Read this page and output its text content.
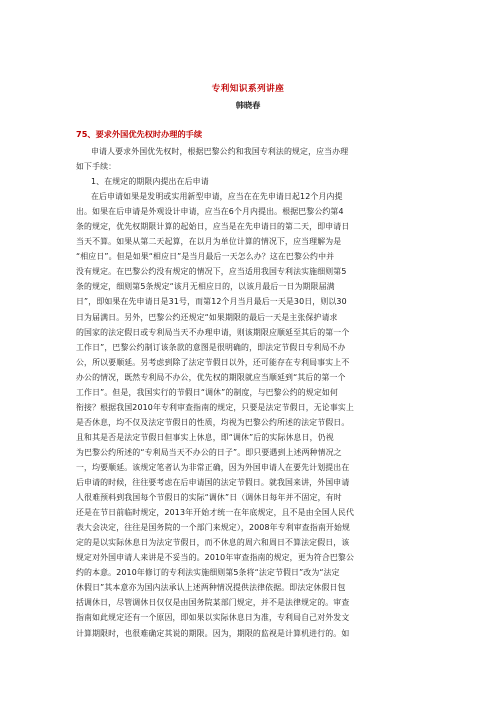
专利知识系列讲座
韩晓春
75、要求外国优先权时办理的手续
申请人要求外国优先权时，根据巴黎公约和我国专利法的规定，应当办理
如下手续：
1、在规定的期限内提出在后申请
在后申请如果是发明或实用新型申请，应当在在先申请日起12个月内提
出。如果在后申请是外观设计申请，应当在6个月内提出。根据巴黎公约第4
条的规定，优先权期限计算的起始日，应当是在先申请日的第二天，即申请日
当天不算。如果从第二天起算，在以月为单位计算的情况下，应当理解为是
“相应日”。但是如果“相应日”是当月最后一天怎么办？这在巴黎公约中并
没有规定。在巴黎公约没有规定的情况下，应当适用我国专利法实施细则第5
条的规定，细则第5条规定“该月无相应日的，以该月最后一日为期限届满
日”，即如果在先申请日是31号，而第12个月当月最后一天是30日，则以30
日为届满日。另外，巴黎公约还规定“如果期限的最后一天是主张保护请求
的国家的法定假日或专利局当天不办理申请，则该期限应顺延至其后的第一个
工作日”，巴黎公约制订该条款的意图是很明确的，即法定节假日专利局不办
公，所以要顺延。另考虑到除了法定节假日以外，还可能存在专利局事实上不
办公的情况，既然专利局不办公，优先权的期限就应当顺延到“其后的第一个
工作日”。但是，我国实行的节假日“调休”的制度，与巴黎公约的规定如何
衔接？根据我国2010年专利审查指南的规定，只要是法定节假日，无论事实上
是否休息，均不仅及法定节假日的性质，均视为巴黎公约所述的法定节假日。
且和其是否是法定节假日但事实上休息，即“调休”后的实际休息日，仍视
为巴黎公约所述的“专利局当天不办公的日子”。即只要遇到上述两种情况之
一，均要顺延。该规定笔者认为非常正确，因为外国申请人在要先计划提出在
后申请的时候，往往要考虑在后申请国的法定节假日。就我国来讲，外国申请
人很难预料到我国每个节假日的实际“调休”日（调休日每年并不固定，有时
还是在节日前临时规定，2013年开始才统一在年底规定，且不是由全国人民代
表大会决定，往往是国务院的一个部门来规定），2008年专利审查指南开始规
定的是以实际休息日为法定节假日，而不休息的周六和周日不算法定假日，该
规定对外国申请人来讲是不妥当的。2010年审查指南的规定，更为符合巴黎公
约的本意。2010年修订的专利法实施细则第5条将“法定节假日”改为“法定
休假日”其本意亦为国内法承认上述两种情况提供法律依据。即法定休假日包
括调休日，尽管调休日仅仅是由国务院某部门规定，并不是法律规定的。审查
指南如此规定还有一个原因，即如果以实际休息日为准，专利局自己对外发文
计算期限时，也很难确定其说的期限。因为，期限的监视是计算机进行的。如
